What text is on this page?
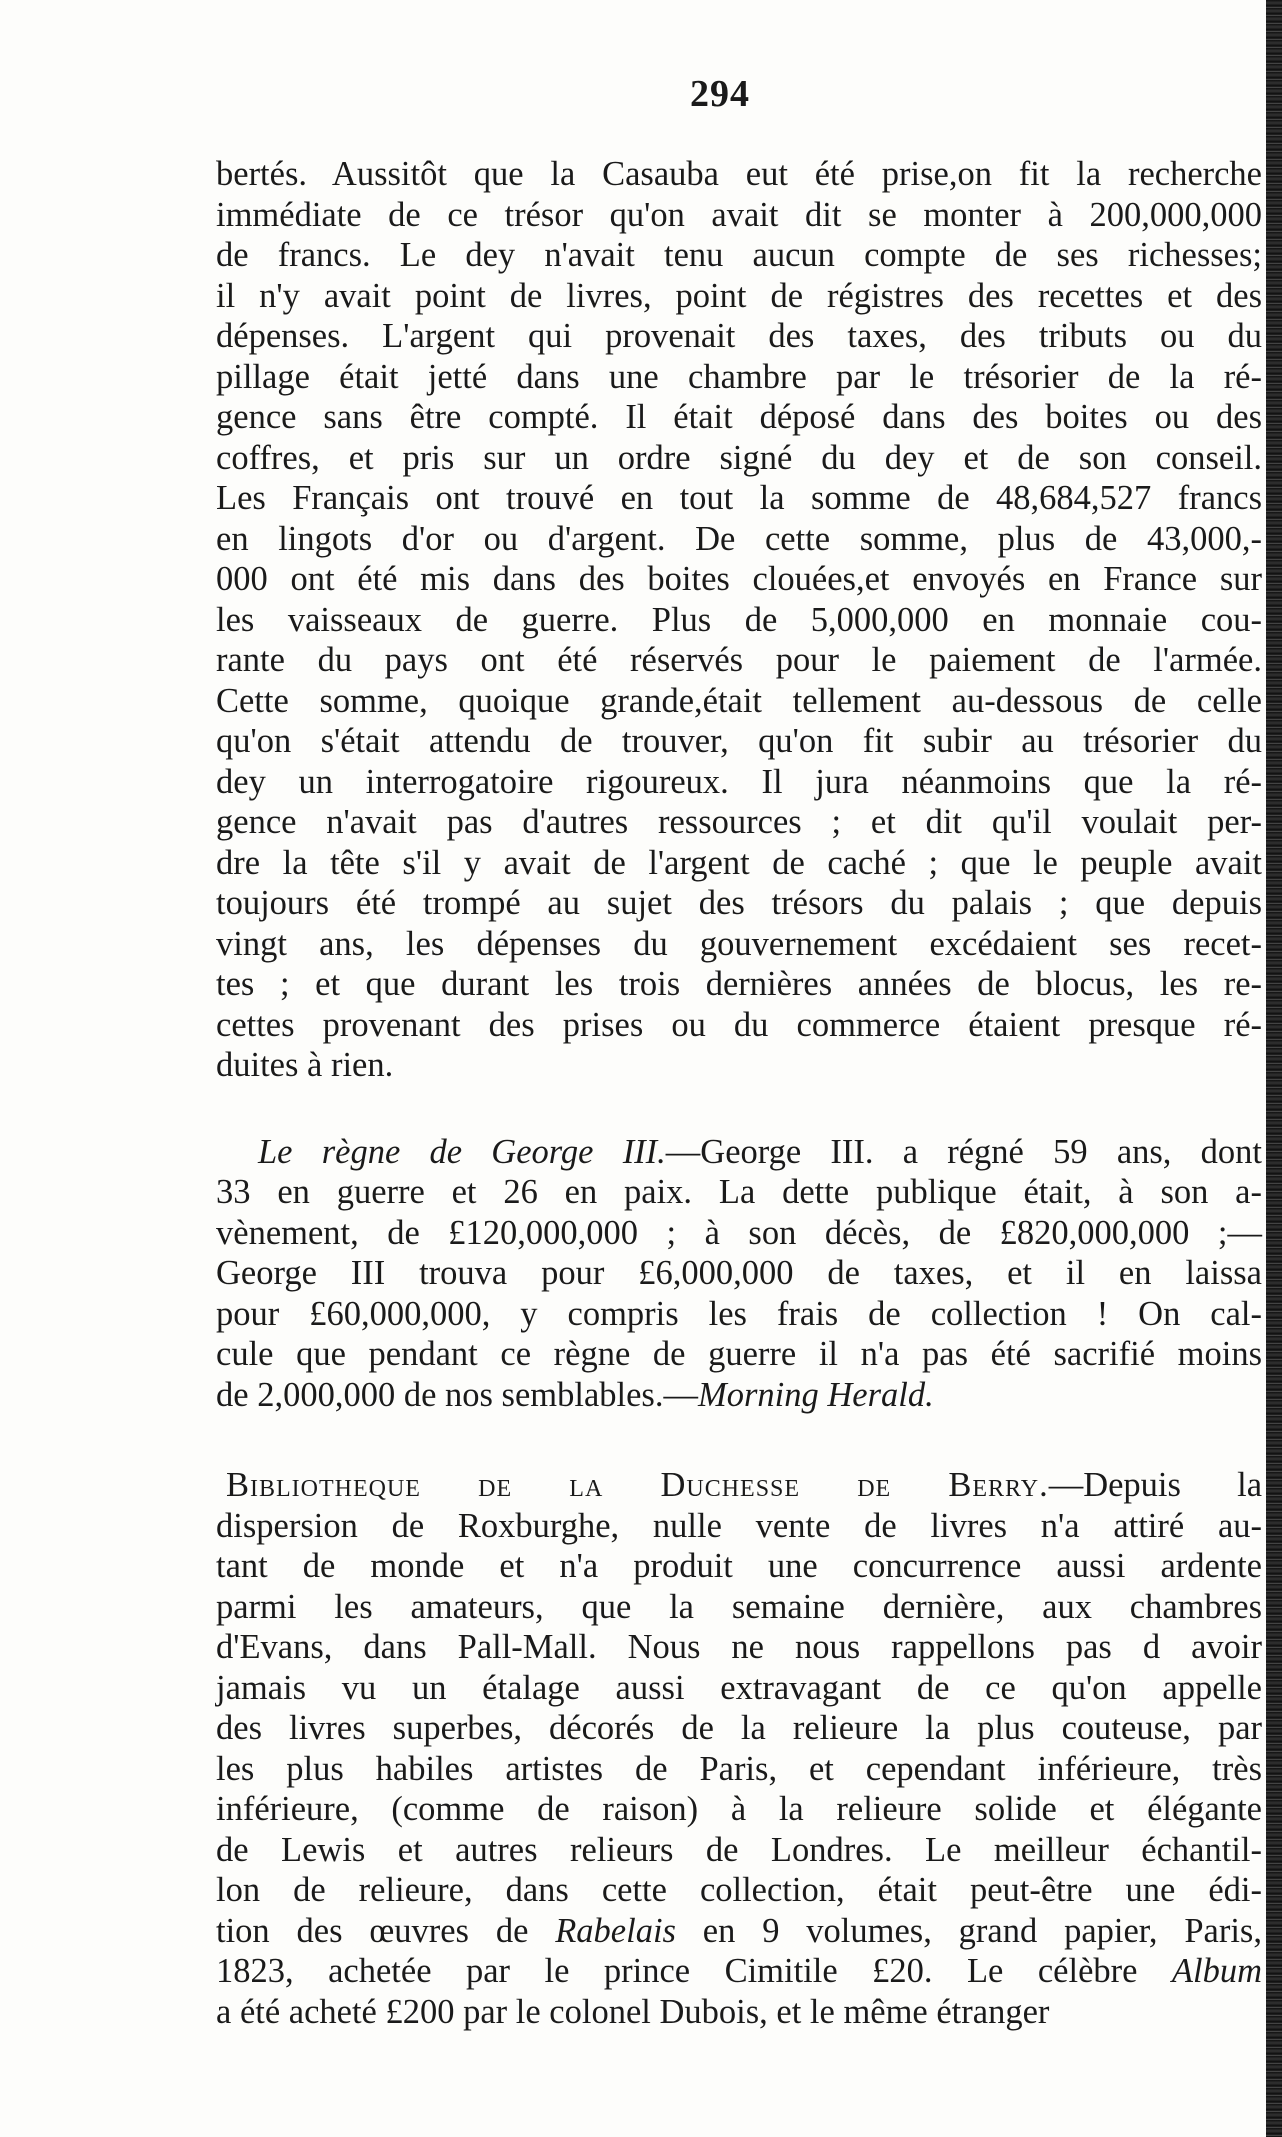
294

bertés. Aussitôt que la Casauba eut été prise,on fit la recherche
immédiate de ce trésor qu'on avait dit se monter à 200,000,000
de francs. Le dey n'avait tenu aucun compte de ses richesses;
il n'y avait point de livres, point de régistres des recettes et des
dépenses. L'argent qui provenait des taxes, des tributs ou du
pillage était jetté dans une chambre par le trésorier de la ré-
gence sans être compté. Il était déposé dans des boites ou des
coffres, et pris sur un ordre signé du dey et de son conseil.
Les Français ont trouvé en tout la somme de 48,684,527 francs
en lingots d'or ou d'argent. De cette somme, plus de 43,000,-
000 ont été mis dans des boites clouées,et envoyés en France sur
les vaisseaux de guerre. Plus de 5,000,000 en monnaie cou-
rante du pays ont été réservés pour le paiement de l'armée.
Cette somme, quoique grande,était tellement au-dessous de celle
qu'on s'était attendu de trouver, qu'on fit subir au trésorier du
dey un interrogatoire rigoureux. Il jura néanmoins que la ré-
gence n'avait pas d'autres ressources ; et dit qu'il voulait per-
dre la tête s'il y avait de l'argent de caché ; que le peuple avait
toujours été trompé au sujet des trésors du palais ; que depuis
vingt ans, les dépenses du gouvernement excédaient ses recet-
tes ; et que durant les trois dernières années de blocus, les re-
cettes provenant des prises ou du commerce étaient presque ré-
duites à rien.

Le règne de George III.—George III. a régné 59 ans, dont
33 en guerre et 26 en paix. La dette publique était, à son a-
vènement, de £120,000,000 ; à son décès, de £820,000,000 ;—
George III trouva pour £6,000,000 de taxes, et il en laissa
pour £60,000,000, y compris les frais de collection ! On cal-
cule que pendant ce règne de guerre il n'a pas été sacrifié moins
de 2,000,000 de nos semblables.—Morning Herald.

Bibliotheque de la Duchesse de Berry.—Depuis la
dispersion de Roxburghe, nulle vente de livres n'a attiré au-
tant de monde et n'a produit une concurrence aussi ardente
parmi les amateurs, que la semaine dernière, aux chambres
d'Evans, dans Pall-Mall. Nous ne nous rappellons pas d avoir
jamais vu un étalage aussi extravagant de ce qu'on appelle
des livres superbes, décorés de la relieure la plus couteuse, par
les plus habiles artistes de Paris, et cependant inférieure, très
inférieure, (comme de raison) à la relieure solide et élégante
de Lewis et autres relieurs de Londres. Le meilleur échantil-
lon de relieure, dans cette collection, était peut-être une édi-
tion des œuvres de Rabelais en 9 volumes, grand papier, Paris,
1823, achetée par le prince Cimitile £20. Le célèbre Album
a été acheté £200 par le colonel Dubois, et le même étranger
